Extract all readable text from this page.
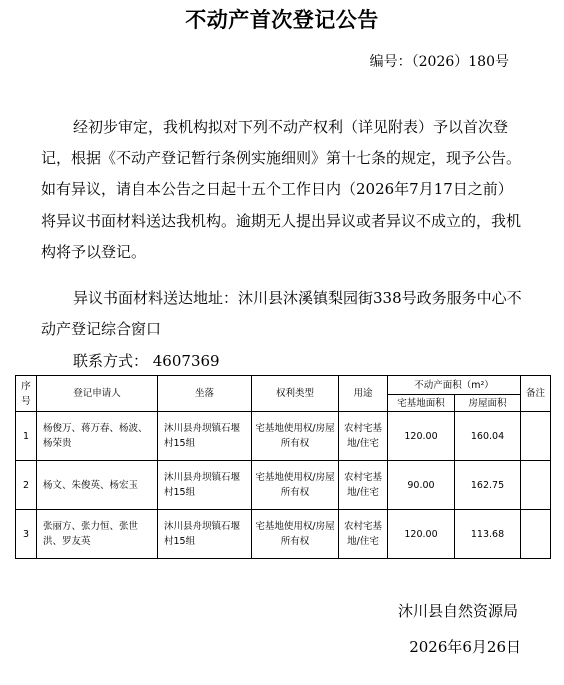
不动产首次登记公告
编号：（2026）180号
经初步审定，我机构拟对下列不动产权利（详见附表）予以首次登记，根据《不动产登记暂行条例实施细则》第十七条的规定，现予公告。如有异议，请自本公告之日起十五个工作日内（2026年7月17日之前）将异议书面材料送达我机构。逾期无人提出异议或者异议不成立的，我机构将予以登记。
异议书面材料送达地址：沐川县沐溪镇梨园街338号政务服务中心不动产登记综合窗口
联系方式： 4607369
序号	登记申请人	坐落	权利类型	用途	不动产面积（m²）		备注
					宅基地面积	房屋面积	
1	杨俊万、蒋万春、杨波、杨荣贵	沐川县舟坝镇石堰村15组	宅基地使用权/房屋所有权	农村宅基地/住宅	120.00	160.04	
2	杨文、朱俊英、杨宏玉	沐川县舟坝镇石堰村15组	宅基地使用权/房屋所有权	农村宅基地/住宅	90.00	162.75	
3	张丽方、张力恒、张世洪、罗友英	沐川县舟坝镇石堰村15组	宅基地使用权/房屋所有权	农村宅基地/住宅	120.00	113.68	
沐川县自然资源局
2026年6月26日
